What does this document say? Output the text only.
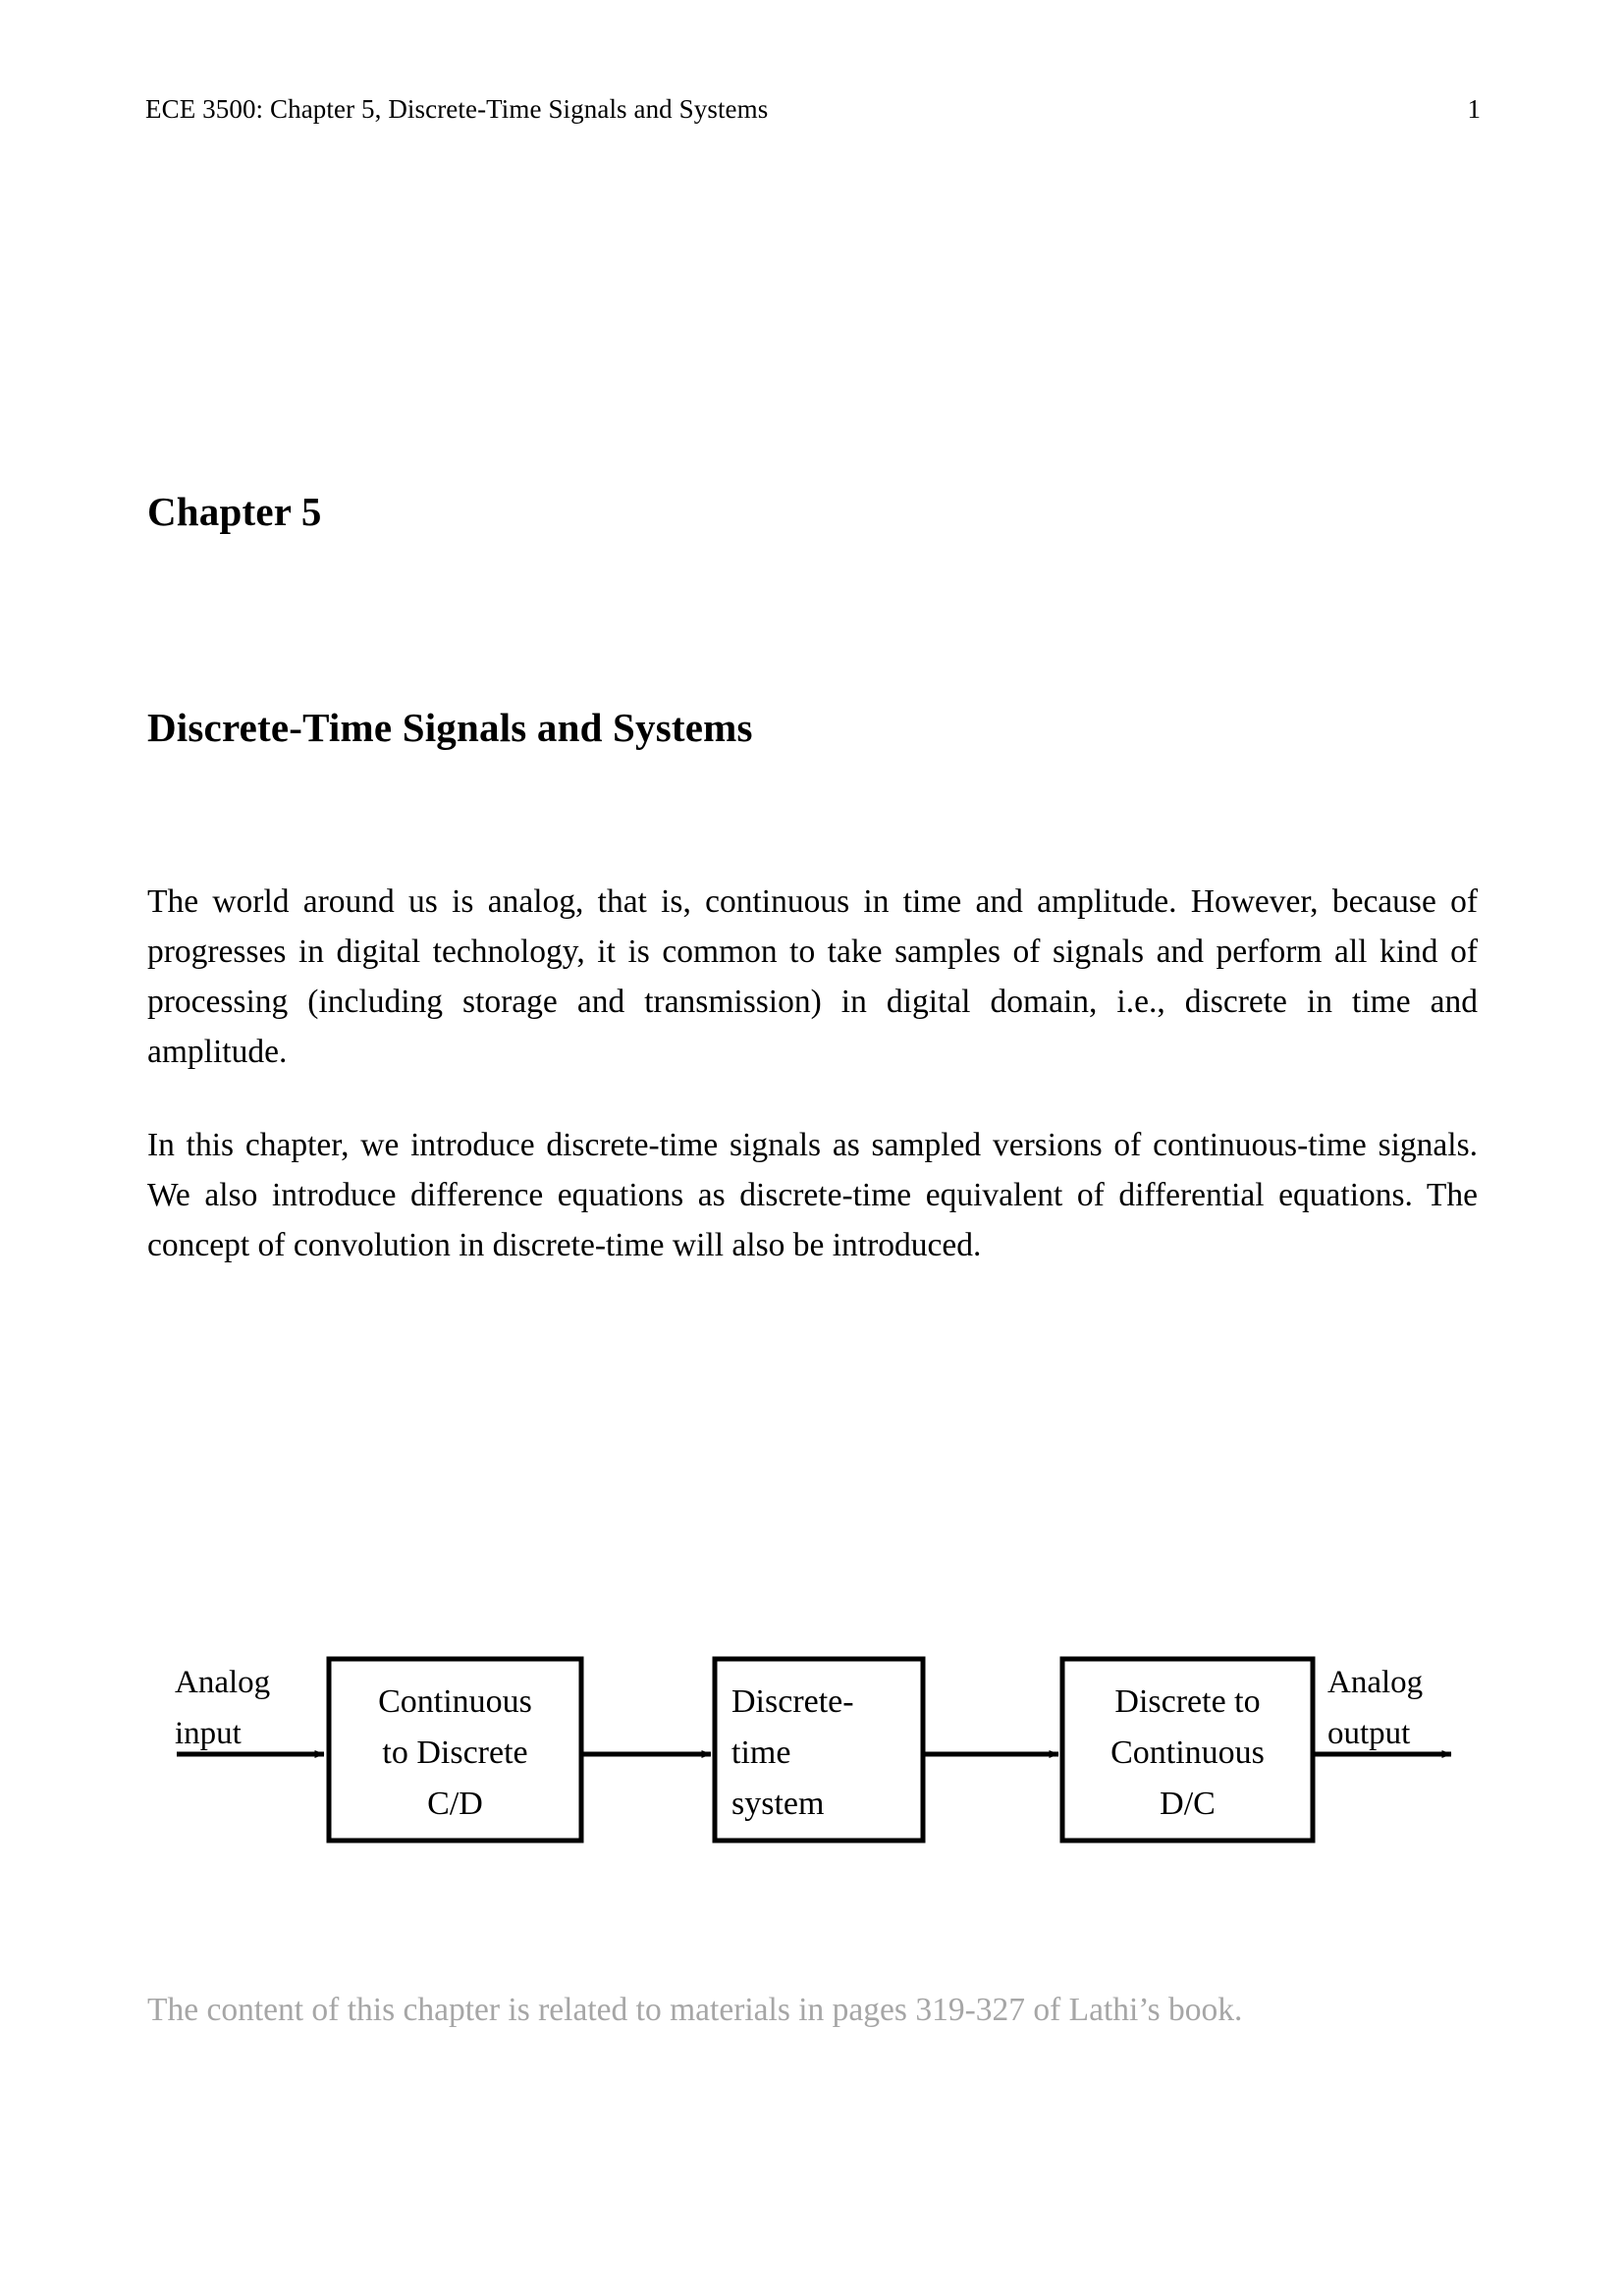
ECE 3500: Chapter 5, Discrete-Time Signals and Systems	1
Chapter 5
Discrete-Time Signals and Systems

The world around us is analog, that is, continuous in time and amplitude. However, because of progresses in digital technology, it is common to take samples of signals and perform all kind of processing (including storage and transmission) in digital domain, i.e., discrete in time and amplitude.

In this chapter, we introduce discrete-time signals as sampled versions of continuous-time signals. We also introduce difference equations as discrete-time equivalent of differential equations. The concept of convolution in discrete-time will also be introduced.

Analog
input
Analog
output
Continuous
to Discrete
C/D
Discrete-
time
system
Discrete to
Continuous
D/C
The content of this chapter is related to materials in pages 319-327 of Lathi’s book.
